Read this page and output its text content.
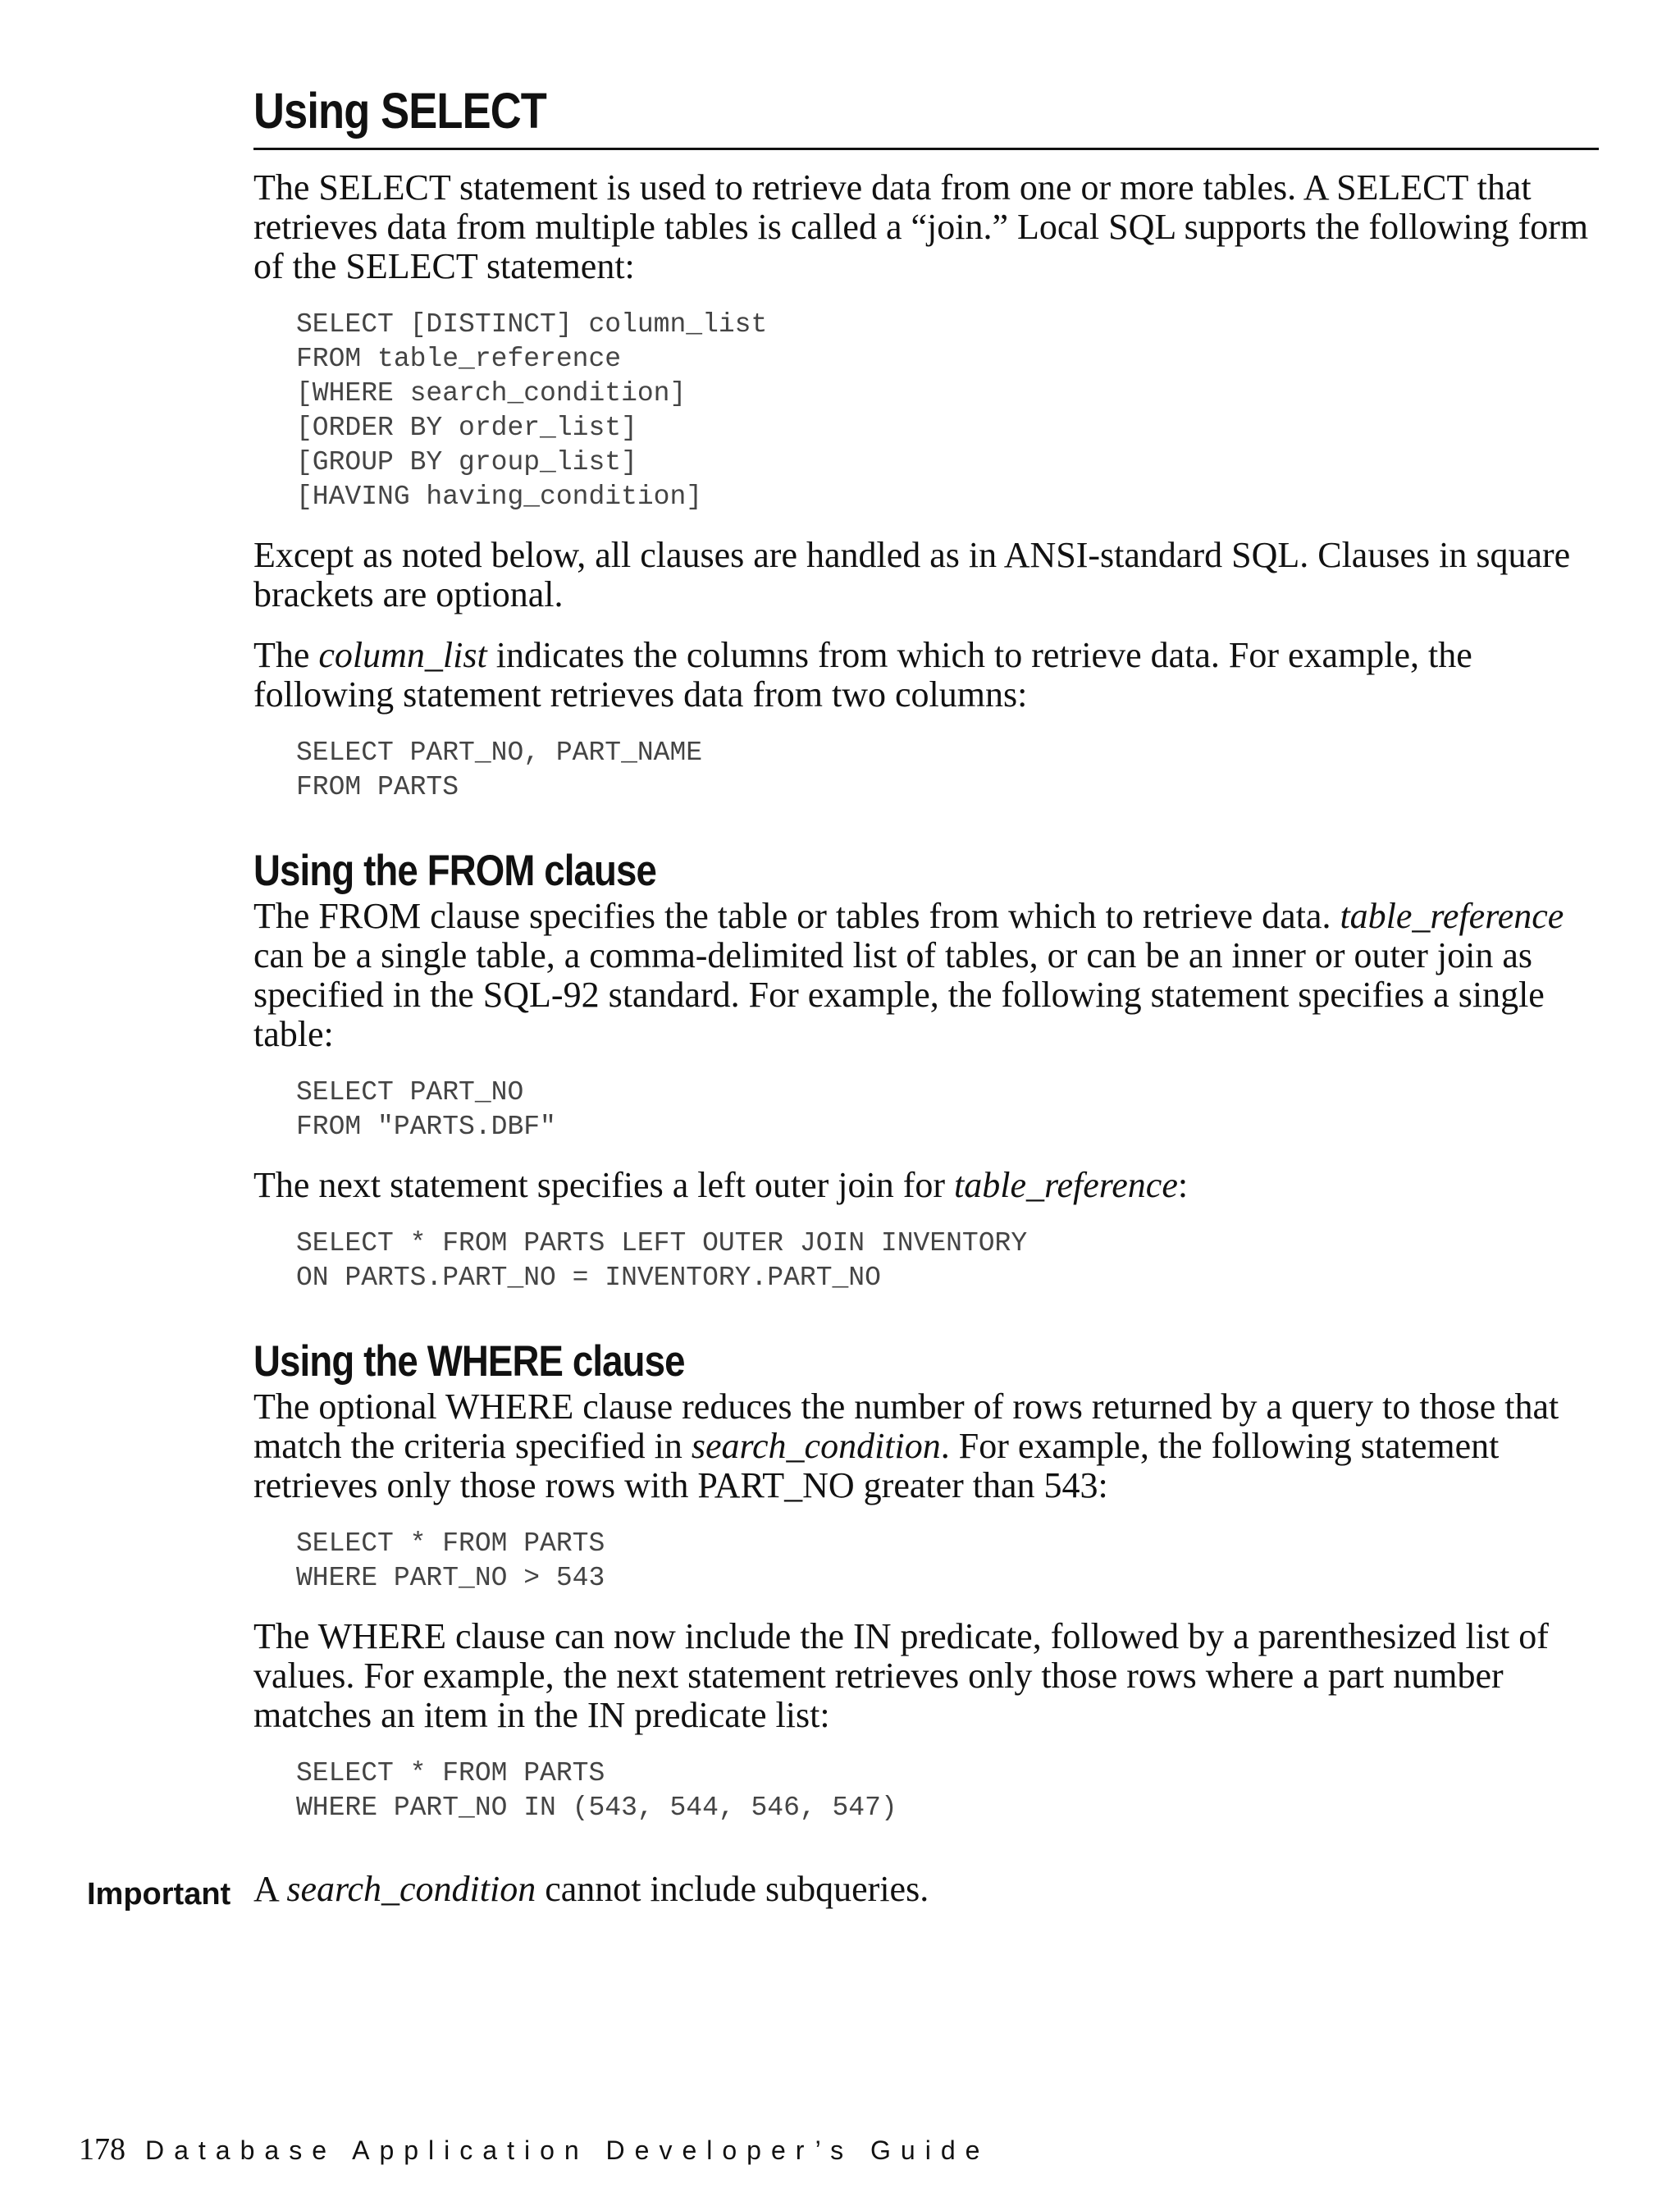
Using SELECT

The SELECT statement is used to retrieve data from one or more tables. A SELECT that retrieves data from multiple tables is called a “join.” Local SQL supports the following form of the SELECT statement:

SELECT [DISTINCT] column_list
FROM table_reference
[WHERE search_condition]
[ORDER BY order_list]
[GROUP BY group_list]
[HAVING having_condition]

Except as noted below, all clauses are handled as in ANSI-standard SQL. Clauses in square brackets are optional.

The column_list indicates the columns from which to retrieve data. For example, the following statement retrieves data from two columns:

SELECT PART_NO, PART_NAME
FROM PARTS
Using the FROM clause

The FROM clause specifies the table or tables from which to retrieve data. table_reference can be a single table, a comma-delimited list of tables, or can be an inner or outer join as specified in the SQL-92 standard. For example, the following statement specifies a single table:

SELECT PART_NO
FROM "PARTS.DBF"

The next statement specifies a left outer join for table_reference:

SELECT * FROM PARTS LEFT OUTER JOIN INVENTORY
ON PARTS.PART_NO = INVENTORY.PART_NO
Using the WHERE clause

The optional WHERE clause reduces the number of rows returned by a query to those that match the criteria specified in search_condition. For example, the following statement retrieves only those rows with PART_NO greater than 543:

SELECT * FROM PARTS
WHERE PART_NO > 543

The WHERE clause can now include the IN predicate, followed by a parenthesized list of values. For example, the next statement retrieves only those rows where a part number matches an item in the IN predicate list:

SELECT * FROM PARTS
WHERE PART_NO IN (543, 544, 546, 547)
Important A search_condition cannot include subqueries.
178 Database Application Developer’s Guide
